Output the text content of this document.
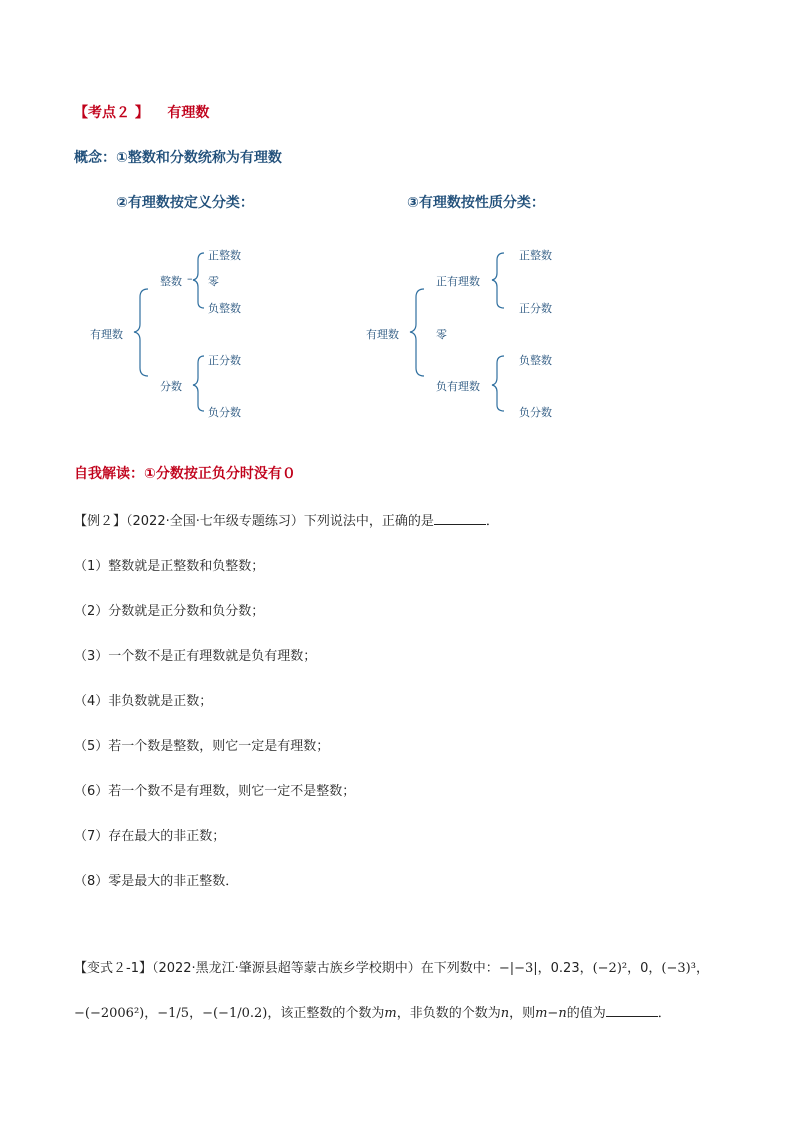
【考点２ 】 有理数
概念：①整数和分数统称为有理数
②有理数按定义分类：	③有理数按性质分类：
有理数
整数 –
正整数
零
负整数
分数
正分数
负分数
有理数
正有理数
正整数
正分数
零
负有理数
负整数
负分数
自我解读：①分数按正负分时没有０
【例２】（2022·全国·七年级专题练习）下列说法中，正确的是	．
（1）整数就是正整数和负整数；
（2）分数就是正分数和负分数；
（3）一个数不是正有理数就是负有理数；
（4）非负数就是正数；
（5）若一个数是整数，则它一定是有理数；
（6）若一个数不是有理数，则它一定不是整数；
（7）存在最大的非正数；
（8）零是最大的非正整数．
【变式２-1】（2022·黑龙江·肇源县超等蒙古族乡学校期中）在下列数中：−|−3|，0.23，(−2)²，0，(−3)³，
−(−2006²)，−1/5，−(−1/0.2)，该正整数的个数为m，非负数的个数为n，则m−n的值为	．
